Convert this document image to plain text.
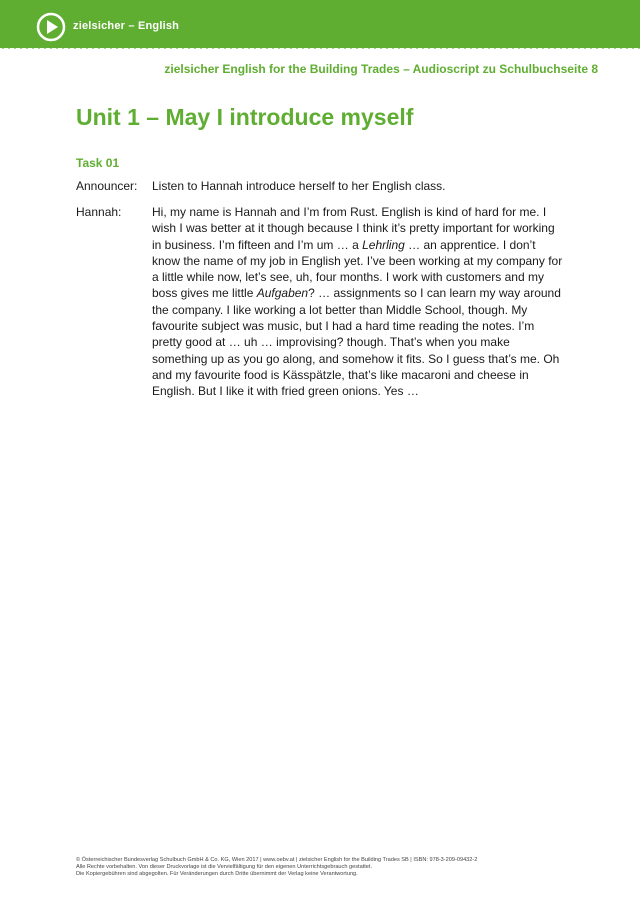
zielsicher – English
zielsicher English for the Building Trades – Audioscript zu Schulbuchseite 8
Unit 1 – May I introduce myself
Task 01
Announcer:	Listen to Hannah introduce herself to her English class.
Hannah:	Hi, my name is Hannah and I’m from Rust. English is kind of hard for me. I wish I was better at it though because I think it’s pretty important for working in business. I’m fifteen and I’m um … a Lehrling … an apprentice. I don’t know the name of my job in English yet. I’ve been working at my company for a little while now, let’s see, uh, four months. I work with customers and my boss gives me little Aufgaben? … assignments so I can learn my way around the company. I like working a lot better than Middle School, though. My favourite subject was music, but I had a hard time reading the notes. I’m pretty good at … uh … improvising? though. That’s when you make something up as you go along, and somehow it fits. So I guess that’s me. Oh and my favourite food is Kässpätzle, that’s like macaroni and cheese in English. But I like it with fried green onions. Yes …
© Österreichischer Bundesverlag Schulbuch GmbH & Co. KG, Wien 2017 | www.oebv.at | zielsicher English for the Building Trades SB | ISBN: 978-3-209-09432-2
Alle Rechte vorbehalten. Von dieser Druckvorlage ist die Vervielfältigung für den eigenen Unterrichtsgebrauch gestattet.
Die Kopiergebühren sind abgegolten. Für Veränderungen durch Dritte übernimmt der Verlag keine Verantwortung.
